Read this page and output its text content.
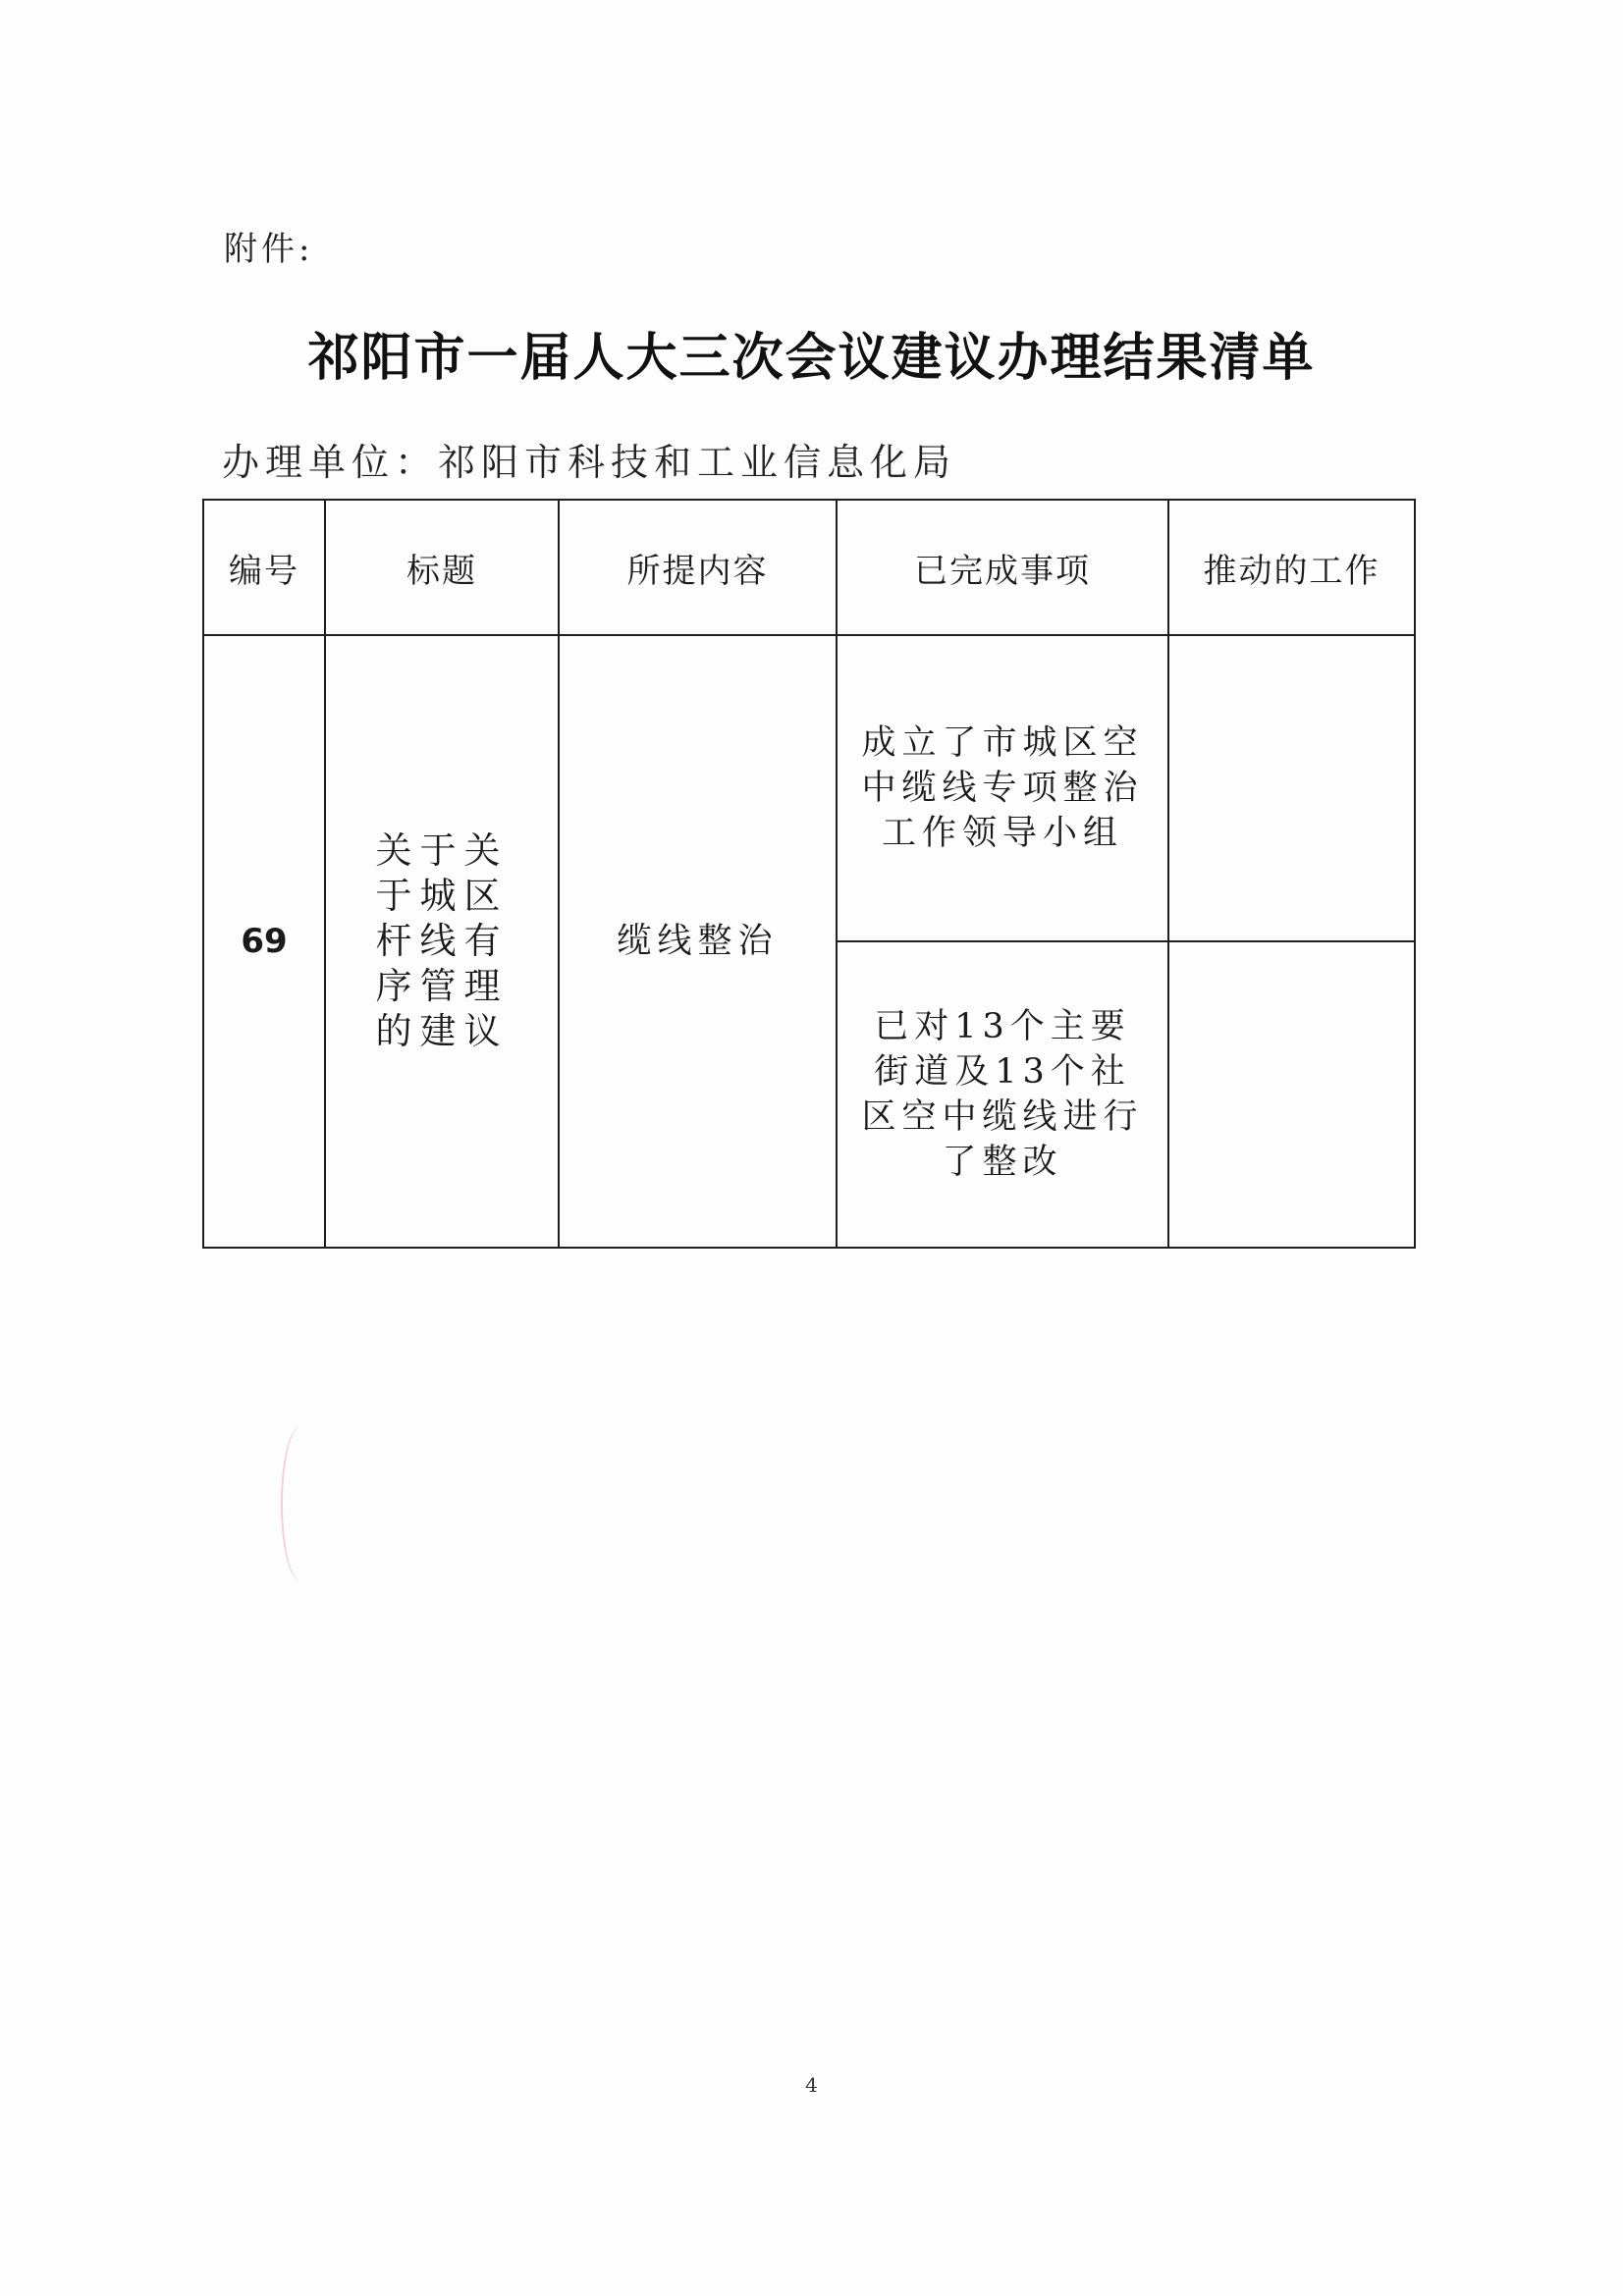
附件:
祁阳市一届人大三次会议建议办理结果清单
办理单位：祁阳市科技和工业信息化局
编号	标题	所提内容	已完成事项	推动的工作
69	关于关于城区杆线有序管理的建议	缆线整治	成立了市城区空中缆线专项整治工作领导小组	
			已对13个主要街道及13个社区空中缆线进行了整改	
4
